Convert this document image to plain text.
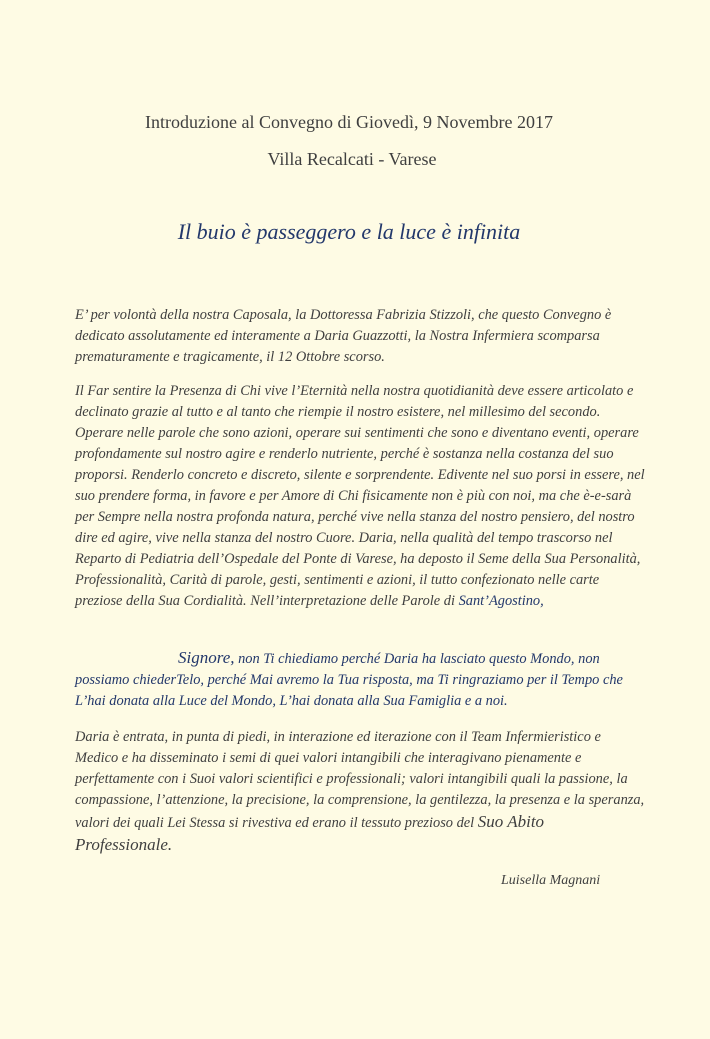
Introduzione al Convegno di Giovedì, 9 Novembre 2017
Villa Recalcati - Varese
Il buio è passeggero e la luce è infinita

E’ per volontà della nostra Caposala, la Dottoressa Fabrizia Stizzoli, che questo Convegno è dedicato assolutamente ed interamente a Daria Guazzotti, la Nostra Infermiera scomparsa prematuramente e tragicamente, il 12 Ottobre scorso.

Il Far sentire la Presenza di Chi vive l’Eternità nella nostra quotidianità deve essere articolato e declinato grazie al tutto e al tanto che riempie il nostro esistere, nel millesimo del secondo. Operare nelle parole che sono azioni, operare sui sentimenti che sono e diventano eventi, operare profondamente sul nostro agire e renderlo nutriente, perché è sostanza nella costanza del suo proporsi. Renderlo concreto e discreto, silente e sorprendente. Edivente nel suo porsi in essere, nel suo prendere forma, in favore e per Amore di Chi fisicamente non è più con noi, ma che è-e-sarà per Sempre nella nostra profonda natura, perché vive nella stanza del nostro pensiero, del nostro dire ed agire, vive nella stanza del nostro Cuore. Daria, nella qualità del tempo trascorso nel Reparto di Pediatria dell’Ospedale del Ponte di Varese, ha deposto il Seme della Sua Personalità, Professionalità, Carità di parole, gesti, sentimenti e azioni, il tutto confezionato nelle carte preziose della Sua Cordialità. Nell’interpretazione delle Parole di Sant’Agostino,

Signore, non Ti chiediamo perché Daria ha lasciato questo Mondo, non possiamo chiederTelo, perché Mai avremo la Tua risposta, ma Ti ringraziamo per il Tempo che L’hai donata alla Luce del Mondo, L’hai donata alla Sua Famiglia e a noi.

Daria è entrata, in punta di piedi, in interazione ed iterazione con il Team Infermieristico e Medico e ha disseminato i semi di quei valori intangibili che interagivano pienamente e perfettamente con i Suoi valori scientifici e professionali; valori intangibili quali la passione, la compassione, l’attenzione, la precisione, la comprensione, la gentilezza, la presenza e la speranza, valori dei quali Lei Stessa si rivestiva ed erano il tessuto prezioso del Suo Abito Professionale.

Luisella Magnani
